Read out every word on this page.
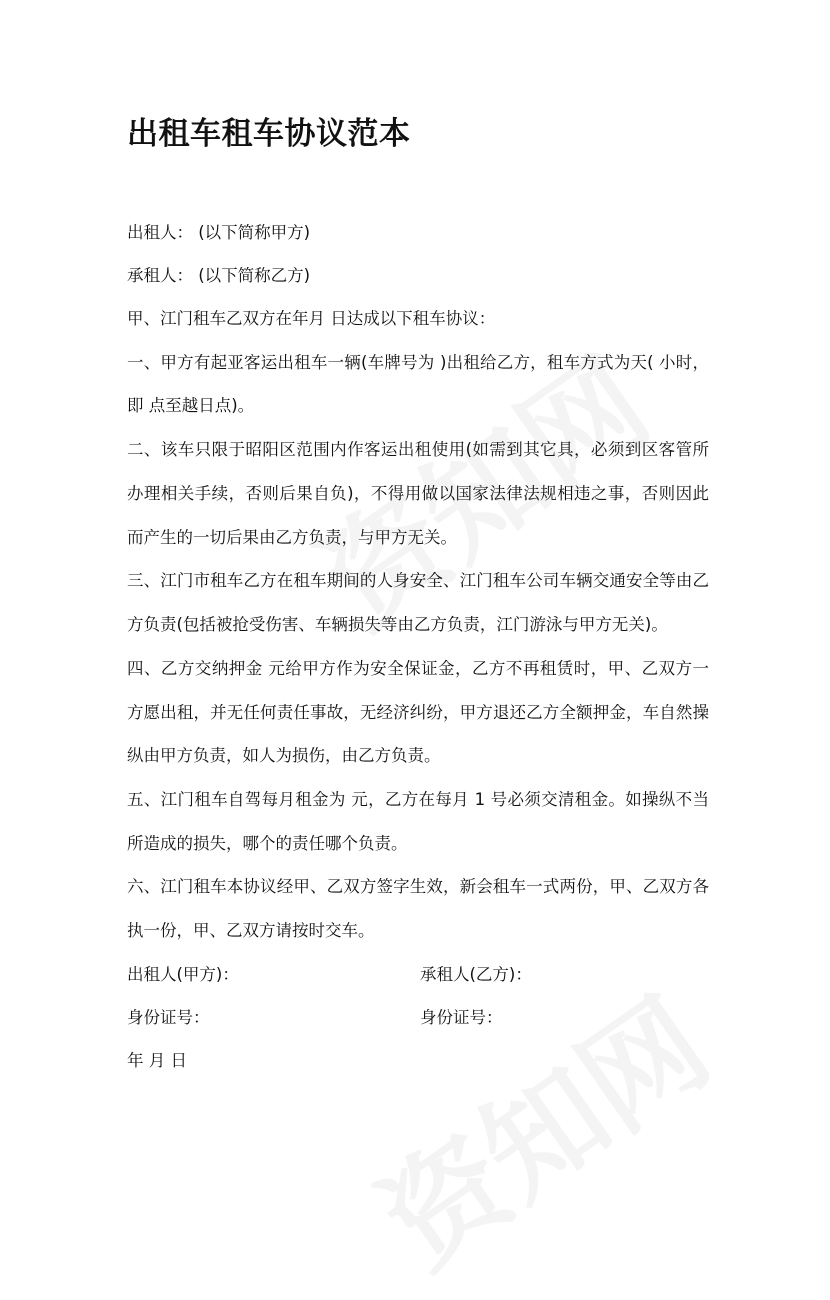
出租车租车协议范本
出租人： (以下简称甲方)
承租人： (以下简称乙方)
甲、江门租车乙双方在年月 日达成以下租车协议：
一、甲方有起亚客运出租车一辆(车牌号为 )出租给乙方，租车方式为天( 小时，
即 点至越日点)。
二、该车只限于昭阳区范围内作客运出租使用(如需到其它具，必须到区客管所
办理相关手续，否则后果自负)，不得用做以国家法律法规相违之事，否则因此
而产生的一切后果由乙方负责，与甲方无关。
三、江门市租车乙方在租车期间的人身安全、江门租车公司车辆交通安全等由乙
方负责(包括被抢受伤害、车辆损失等由乙方负责，江门游泳与甲方无关)。
四、乙方交纳押金 元给甲方作为安全保证金，乙方不再租赁时，甲、乙双方一
方愿出租，并无任何责任事故，无经济纠纷，甲方退还乙方全额押金，车自然操
纵由甲方负责，如人为损伤，由乙方负责。
五、江门租车自驾每月租金为 元，乙方在每月 1 号必须交清租金。如操纵不当
所造成的损失，哪个的责任哪个负责。
六、江门租车本协议经甲、乙双方签字生效，新会租车一式两份，甲、乙双方各
执一份，甲、乙双方请按时交车。
出租人(甲方)：	承租人(乙方)：
身份证号：	身份证号：
年 月 日
